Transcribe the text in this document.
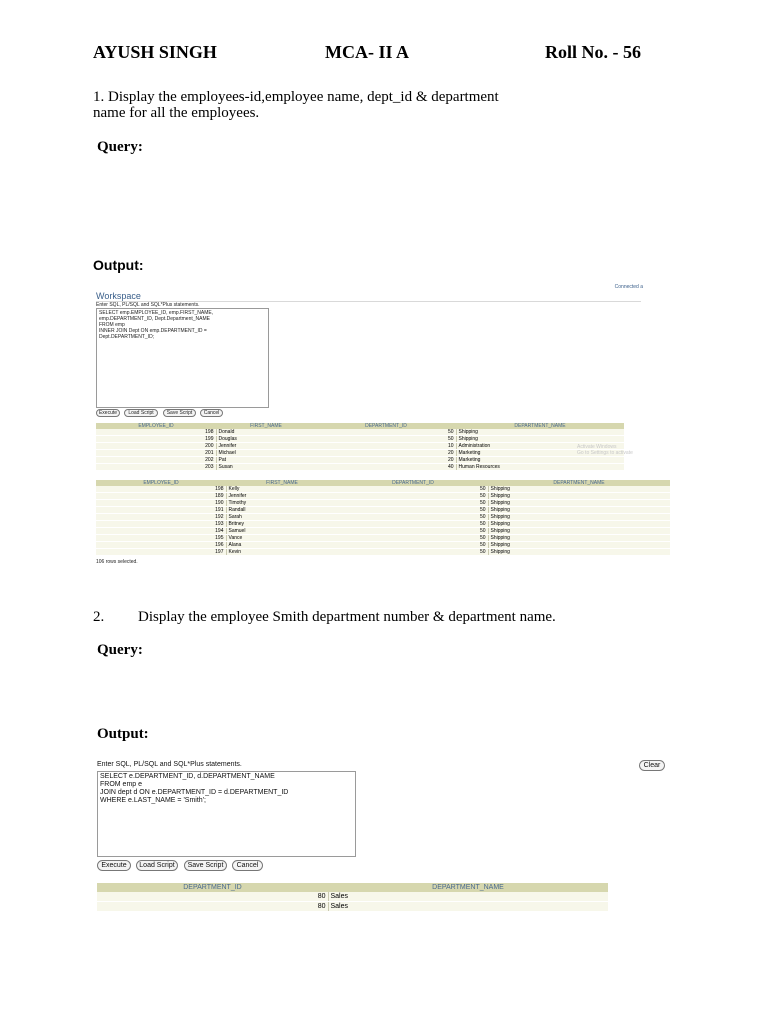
AYUSH SINGH	MCA- II A	Roll No. - 56
1. Display the employees-id,employee name, dept_id & department
name for all the employees.
Query:
Output:
Connected a
Workspace
Enter SQL, PL/SQL and SQL*Plus statements.
SELECT emp.EMPLOYEE_ID, emp.FIRST_NAME,
emp.DEPARTMENT_ID, Dept.Department_NAME
FROM emp
INNER JOIN Dept ON emp.DEPARTMENT_ID =
Dept.DEPARTMENT_ID;
Execute	Load Script	Save Script	Cancel
EMPLOYEE_ID	FIRST_NAME	DEPARTMENT_ID	DEPARTMENT_NAME
198	Donald	50	Shipping
199	Douglas	50	Shipping
200	Jennifer	10	Administration
201	Michael	20	Marketing
202	Pat	20	Marketing
203	Susan	40	Human Resources
Activate Windows
Go to Settings to activate
EMPLOYEE_ID	FIRST_NAME	DEPARTMENT_ID	DEPARTMENT_NAME
198	Kelly	50	Shipping
189	Jennifer	50	Shipping
190	Timothy	50	Shipping
191	Randall	50	Shipping
192	Sarah	50	Shipping
193	Britney	50	Shipping
194	Samuel	50	Shipping
195	Vance	50	Shipping
196	Alana	50	Shipping
197	Kevin	50	Shipping
106 rows selected.
2. Display the employee Smith department number & department name.
Query:
Output:
Enter SQL, PL/SQL and SQL*Plus statements.	Clear
SELECT e.DEPARTMENT_ID, d.DEPARTMENT_NAME
FROM emp e
JOIN dept d ON e.DEPARTMENT_ID = d.DEPARTMENT_ID
WHERE e.LAST_NAME = 'Smith';
Execute	Load Script	Save Script	Cancel
DEPARTMENT_ID	DEPARTMENT_NAME
80	Sales
80	Sales
